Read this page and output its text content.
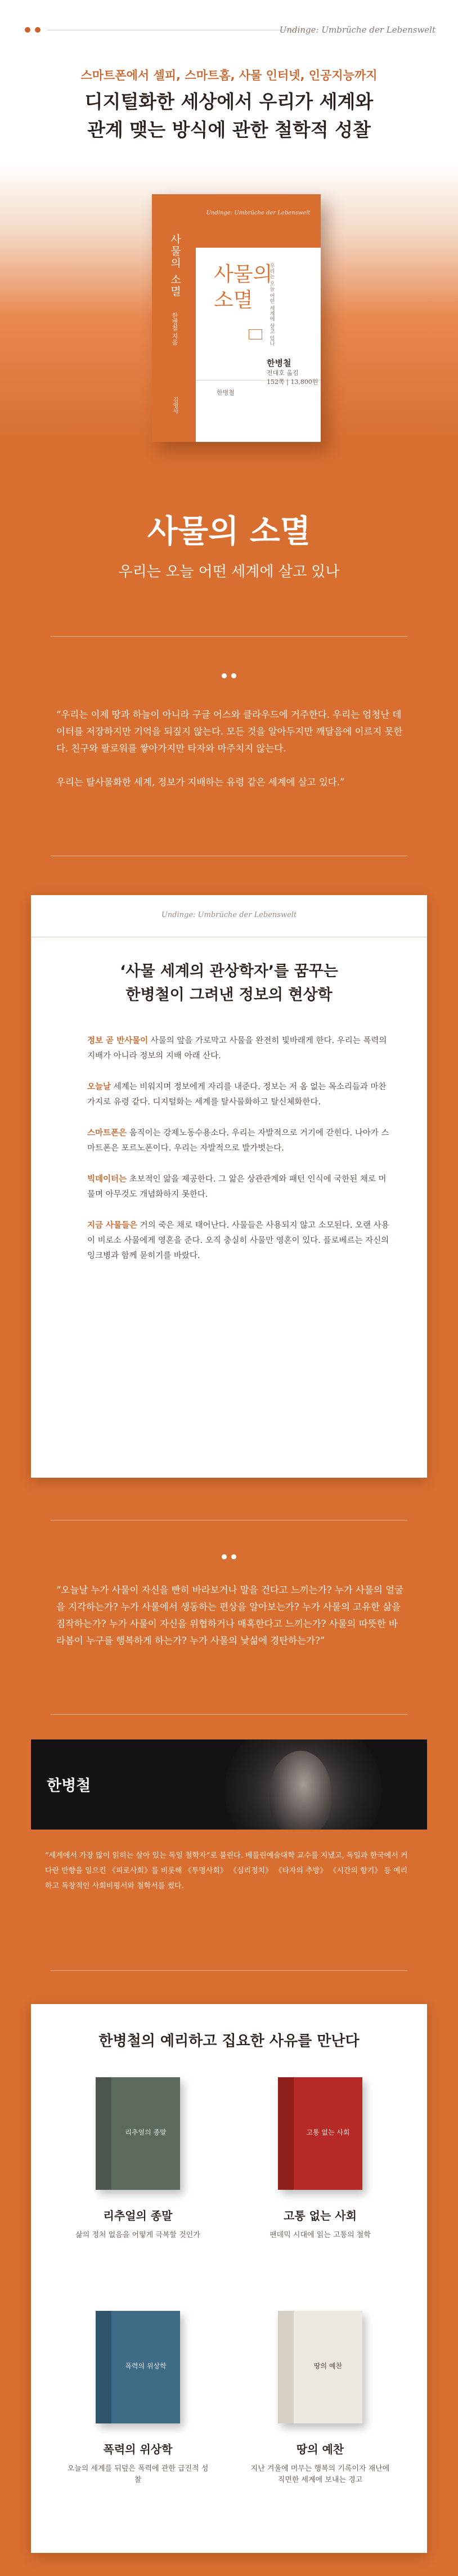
Undinge: Umbrüche der Lebenswelt
스마트폰에서 셀피, 스마트홈, 사물 인터넷, 인공지능까지
디지털화한 세상에서 우리가 세계와
관계 맺는 방식에 관한 철학적 성찰
사물의 소멸
한병철 지음
김영사
Undinge: Umbrüche der Lebenswelt
사물의
소멸	우리는 오늘 어떤 세계에 살고 있나
한병철
한병철
전대호 옮김
152쪽 | 13,800원
사물의 소멸
우리는 오늘 어떤 세계에 살고 있나

“우리는 이제 땅과 하늘이 아니라 구글 어스와 클라우드에 거주한다. 우리는 엄청난 데이터를 저장하지만 기억을 되짚지 않는다. 모든 것을 알아두지만 깨달음에 이르지 못한다. 친구와 팔로워를 쌓아가지만 타자와 마주치지 않는다.

우리는 탈사물화한 세계, 정보가 지배하는 유령 같은 세계에 살고 있다.”

Undinge: Umbrüche der Lebenswelt
‘사물 세계의 관상학자’를 꿈꾸는
한병철이 그려낸 정보의 현상학

정보 곧 반사물이 사물의 앞을 가로막고 사물을 완전히 빛바래게 한다. 우리는 폭력의 지배가 아니라 정보의 지배 아래 산다.

오늘날 세계는 비워지며 정보에게 자리를 내준다. 정보는 저 옴 없는 목소리들과 마찬가지로 유령 같다. 디지털화는 세계를 탈사물화하고 탈신체화한다.

스마트폰은 움직이는 강제노동수용소다. 우리는 자발적으로 거기에 갇힌다. 나아가 스마트폰은 포르노폰이다. 우리는 자발적으로 발가벗는다.

빅데이터는 초보적인 앎을 제공한다. 그 앎은 상관관계와 패턴 인식에 국한된 채로 머물며 아무것도 개념화하지 못한다.

지금 사물들은 거의 죽은 채로 태어난다. 사물들은 사용되지 않고 소모된다. 오랜 사용이 비로소 사물에게 영혼을 준다. 오직 충실히 사물만 영혼이 있다. 플로베르는 자신의 잉크병과 함께 묻히기를 바랐다.

“오늘날 누가 사물이 자신을 빤히 바라보거나 말을 건다고 느끼는가? 누가 사물의 얼굴을 지각하는가? 누가 사물에서 생동하는 편상을 알아보는가? 누가 사물의 고유한 삶을 짐작하는가? 누가 사물이 자신을 위협하거나 매혹한다고 느끼는가? 사물의 따뜻한 바라봄이 누구를 행복하게 하는가? 누가 사물의 낯섦에 경탄하는가?”

한병철
“세계에서 가장 많이 읽히는 살아 있는 독일 철학자”로 불린다. 베를린예술대학 교수를 지냈고, 독일과 한국에서 커다란 반향을 일으킨 《피로사회》를 비롯해 《투명사회》 《심리정치》 《타자의 추방》 《시간의 향기》 등 예리하고 독창적인 사회비평서와 철학서를 썼다.
한병철의 예리하고 집요한 사유를 만난다
리추얼의 종말
리추얼의 종말
삶의 정처 없음을 어떻게 극복할 것인가
고통 없는 사회
고통 없는 사회
팬데믹 시대에 읽는 고통의 철학
폭력의 위상학
폭력의 위상학
오늘의 세계를 뒤덮은 폭력에 관한 급진적 성찰
땅의 예찬
땅의 예찬
지난 겨울에 머무는 행복의 기록이자 재난에 직면한 세계에 보내는 경고
